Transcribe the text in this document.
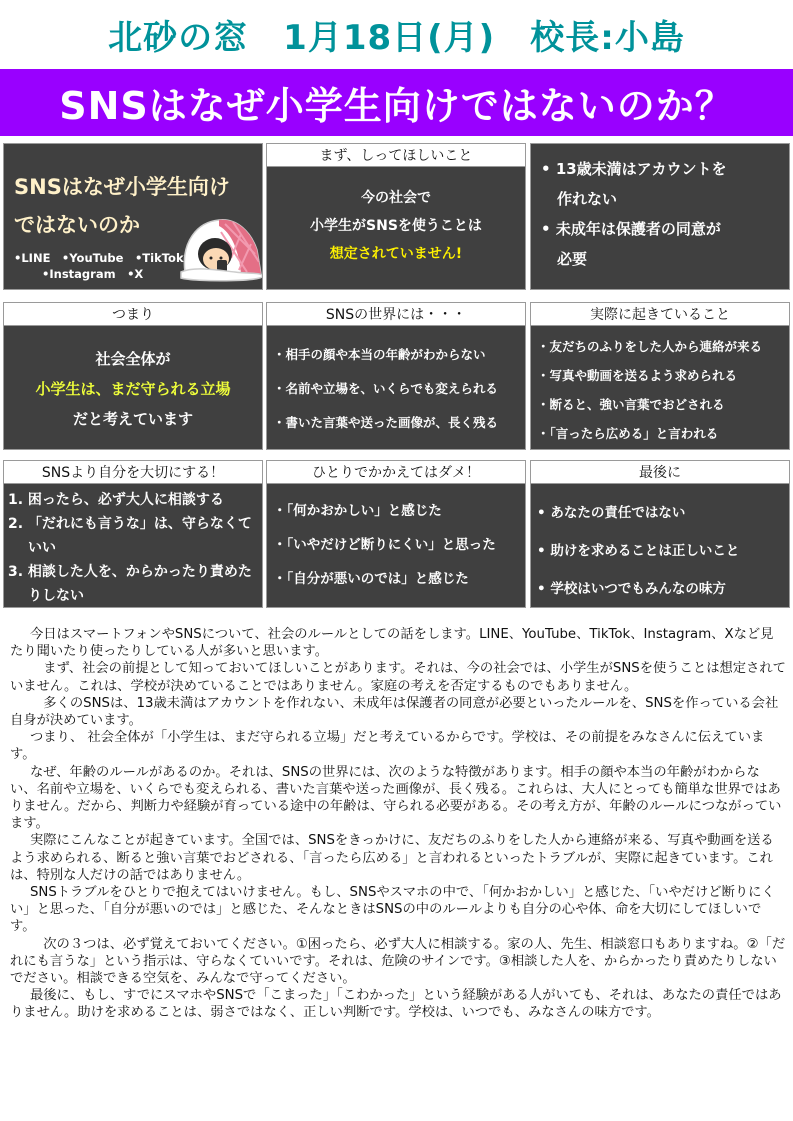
北砂の窓　1月18日(月)　校長:小島
SNSはなぜ小学生向けではないのか？
SNSはなぜ小学生向け
ではないのか
•LINE　•YouTube　•TikTok
•Instagram　•X
まず、しってほしいこと
今の社会で
小学生がSNSを使うことは
想定されていません!
• 13歳未満はアカウントを
作れない
• 未成年は保護者の同意が
必要
つまり
社会全体が
小学生は、まだ守られる立場
だと考えています
SNSの世界には・・・
・相手の顔や本当の年齢がわからない
・名前や立場を、いくらでも変えられる
・書いた言葉や送った画像が、長く残る
実際に起きていること
・友だちのふりをした人から連絡が来る
・写真や動画を送るよう求められる
・断ると、強い言葉でおどされる
・「言ったら広める」と言われる
SNSより自分を大切にする！
1. 困ったら、必ず大人に相談する
2. 「だれにも言うな」は、守らなくて
いい
3. 相談した人を、からかったり責めた
りしない
ひとりでかかえてはダメ！
・「何かおかしい」と感じた
・「いやだけど断りにくい」と思った
・「自分が悪いのでは」と感じた
最後に
• あなたの責任ではない
• 助けを求めることは正しいこと
• 学校はいつでもみんなの味方

今日はスマートフォンやSNSについて、社会のルールとしての話をします。LINE、YouTube、TikTok、Instagram、Xなど見たり聞いたり使ったりしている人が多いと思います。

まず、社会の前提として知っておいてほしいことがあります。それは、今の社会では、小学生がSNSを使うことは想定されていません。これは、学校が決めていることではありません。家庭の考えを否定するものでもありません。

多くのSNSは、13歳未満はアカウントを作れない、未成年は保護者の同意が必要といったルールを、SNSを作っている会社自身が決めています。

つまり、 社会全体が「小学生は、まだ守られる立場」だと考えているからです。学校は、その前提をみなさんに伝えています。

なぜ、年齢のルールがあるのか。それは、SNSの世界には、次のような特徴があります。相手の顔や本当の年齢がわからない、名前や立場を、いくらでも変えられる、書いた言葉や送った画像が、長く残る。これらは、大人にとっても簡単な世界ではありません。だから、判断力や経験が育っている途中の年齢は、守られる必要がある。その考え方が、年齢のルールにつながっています。

実際にこんなことが起きています。全国では、SNSをきっかけに、友だちのふりをした人から連絡が来る、写真や動画を送るよう求められる、断ると強い言葉でおどされる、「言ったら広める」と言われるといったトラブルが、実際に起きています。これは、特別な人だけの話ではありません。

SNSトラブルをひとりで抱えてはいけません。もし、SNSやスマホの中で、「何かおかしい」と感じた、「いやだけど断りにくい」と思った、「自分が悪いのでは」と感じた、そんなときはSNSの中のルールよりも自分の心や体、命を大切にしてほしいです。

次の３つは、必ず覚えておいてください。①困ったら、必ず大人に相談する。家の人、先生、相談窓口もありますね。②「だれにも言うな」という指示は、守らなくていいです。それは、危険のサインです。③相談した人を、からかったり責めたりしないでださい。相談できる空気を、みんなで守ってください。

最後に、もし、すでにスマホやSNSで「こまった」「こわかった」という経験がある人がいても、それは、あなたの責任ではありません。助けを求めることは、弱さではなく、正しい判断です。学校は、いつでも、みなさんの味方です。
